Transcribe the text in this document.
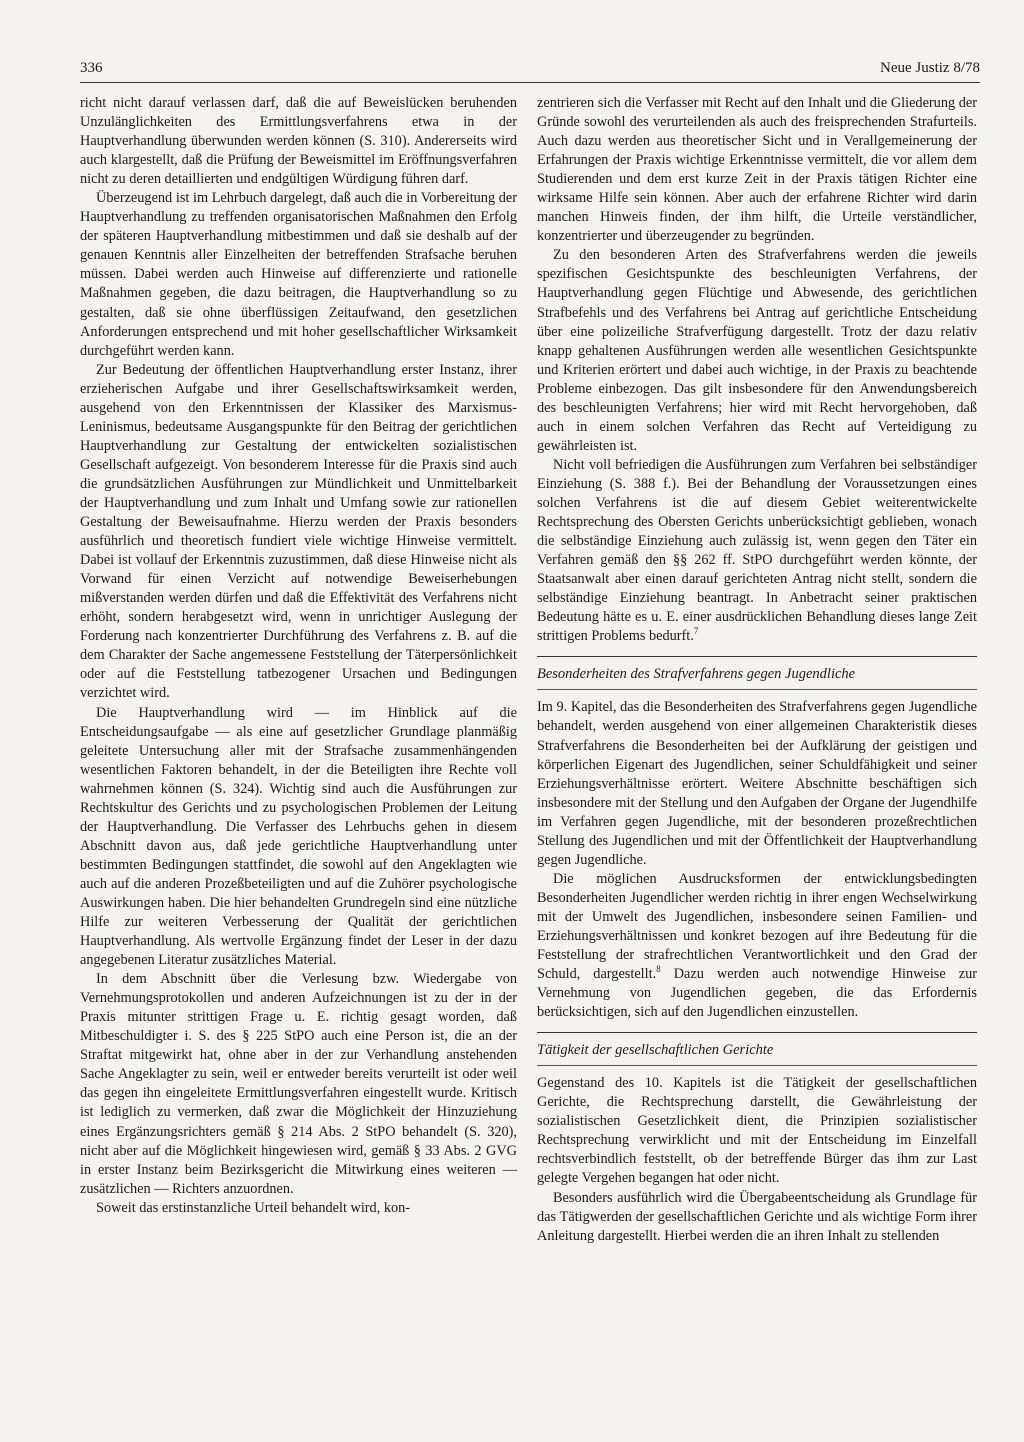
336	Neue Justiz 8/78

richt nicht darauf verlassen darf, daß die auf Beweislücken beruhenden Unzulänglichkeiten des Ermittlungsverfahrens etwa in der Hauptverhandlung überwunden werden können (S. 310). Andererseits wird auch klargestellt, daß die Prüfung der Beweismittel im Eröffnungsverfahren nicht zu deren detaillierten und endgültigen Würdigung führen darf.

Überzeugend ist im Lehrbuch dargelegt, daß auch die in Vorbereitung der Hauptverhandlung zu treffenden organisatorischen Maßnahmen den Erfolg der späteren Hauptverhandlung mitbestimmen und daß sie deshalb auf der genauen Kenntnis aller Einzelheiten der betreffenden Strafsache beruhen müssen. Dabei werden auch Hinweise auf differenzierte und rationelle Maßnahmen gegeben, die dazu beitragen, die Hauptverhandlung so zu gestalten, daß sie ohne überflüssigen Zeitaufwand, den gesetzlichen Anforderungen entsprechend und mit hoher gesellschaftlicher Wirksamkeit durchgeführt werden kann.

Zur Bedeutung der öffentlichen Hauptverhandlung erster Instanz, ihrer erzieherischen Aufgabe und ihrer Gesellschaftswirksamkeit werden, ausgehend von den Erkenntnissen der Klassiker des Marxismus-Leninismus, bedeutsame Ausgangspunkte für den Beitrag der gerichtlichen Hauptverhandlung zur Gestaltung der entwickelten sozialistischen Gesellschaft aufgezeigt. Von besonderem Interesse für die Praxis sind auch die grundsätzlichen Ausführungen zur Mündlichkeit und Unmittelbarkeit der Hauptverhandlung und zum Inhalt und Umfang sowie zur rationellen Gestaltung der Beweisaufnahme. Hierzu werden der Praxis besonders ausführlich und theoretisch fundiert viele wichtige Hinweise vermittelt. Dabei ist vollauf der Erkenntnis zuzustimmen, daß diese Hinweise nicht als Vorwand für einen Verzicht auf notwendige Beweiserhebungen mißverstanden werden dürfen und daß die Effektivität des Verfahrens nicht erhöht, sondern herabgesetzt wird, wenn in unrichtiger Auslegung der Forderung nach konzentrierter Durchführung des Verfahrens z. B. auf die dem Charakter der Sache angemessene Feststellung der Täterpersönlichkeit oder auf die Feststellung tatbezogener Ursachen und Bedingungen verzichtet wird.

Die Hauptverhandlung wird — im Hinblick auf die Entscheidungsaufgabe — als eine auf gesetzlicher Grundlage planmäßig geleitete Untersuchung aller mit der Strafsache zusammenhängenden wesentlichen Faktoren behandelt, in der die Beteiligten ihre Rechte voll wahrnehmen können (S. 324). Wichtig sind auch die Ausführungen zur Rechtskultur des Gerichts und zu psychologischen Problemen der Leitung der Hauptverhandlung. Die Verfasser des Lehrbuchs gehen in diesem Abschnitt davon aus, daß jede gerichtliche Hauptverhandlung unter bestimmten Bedingungen stattfindet, die sowohl auf den Angeklagten wie auch auf die anderen Prozeßbeteiligten und auf die Zuhörer psychologische Auswirkungen haben. Die hier behandelten Grundregeln sind eine nützliche Hilfe zur weiteren Verbesserung der Qualität der gerichtlichen Hauptverhandlung. Als wertvolle Ergänzung findet der Leser in der dazu angegebenen Literatur zusätzliches Material.

In dem Abschnitt über die Verlesung bzw. Wiedergabe von Vernehmungsprotokollen und anderen Aufzeichnungen ist zu der in der Praxis mitunter strittigen Frage u. E. richtig gesagt worden, daß Mitbeschuldigter i. S. des § 225 StPO auch eine Person ist, die an der Straftat mitgewirkt hat, ohne aber in der zur Verhandlung anstehenden Sache Angeklagter zu sein, weil er entweder bereits verurteilt ist oder weil das gegen ihn eingeleitete Ermittlungsverfahren eingestellt wurde. Kritisch ist lediglich zu vermerken, daß zwar die Möglichkeit der Hinzuziehung eines Ergänzungsrichters gemäß § 214 Abs. 2 StPO behandelt (S. 320), nicht aber auf die Möglichkeit hingewiesen wird, gemäß § 33 Abs. 2 GVG in erster Instanz beim Bezirksgericht die Mitwirkung eines weiteren — zusätzlichen — Richters anzuordnen.

Soweit das erstinstanzliche Urteil behandelt wird, kon-

zentrieren sich die Verfasser mit Recht auf den Inhalt und die Gliederung der Gründe sowohl des verurteilenden als auch des freisprechenden Strafurteils. Auch dazu werden aus theoretischer Sicht und in Verallgemeinerung der Erfahrungen der Praxis wichtige Erkenntnisse vermittelt, die vor allem dem Studierenden und dem erst kurze Zeit in der Praxis tätigen Richter eine wirksame Hilfe sein können. Aber auch der erfahrene Richter wird darin manchen Hinweis finden, der ihm hilft, die Urteile verständlicher, konzentrierter und überzeugender zu begründen.

Zu den besonderen Arten des Strafverfahrens werden die jeweils spezifischen Gesichtspunkte des beschleunigten Verfahrens, der Hauptverhandlung gegen Flüchtige und Abwesende, des gerichtlichen Strafbefehls und des Verfahrens bei Antrag auf gerichtliche Entscheidung über eine polizeiliche Strafverfügung dargestellt. Trotz der dazu relativ knapp gehaltenen Ausführungen werden alle wesentlichen Gesichtspunkte und Kriterien erörtert und dabei auch wichtige, in der Praxis zu beachtende Probleme einbezogen. Das gilt insbesondere für den Anwendungsbereich des beschleunigten Verfahrens; hier wird mit Recht hervorgehoben, daß auch in einem solchen Verfahren das Recht auf Verteidigung zu gewährleisten ist.

Nicht voll befriedigen die Ausführungen zum Verfahren bei selbständiger Einziehung (S. 388 f.). Bei der Behandlung der Voraussetzungen eines solchen Verfahrens ist die auf diesem Gebiet weiterentwickelte Rechtsprechung des Obersten Gerichts unberücksichtigt geblieben, wonach die selbständige Einziehung auch zulässig ist, wenn gegen den Täter ein Verfahren gemäß den §§ 262 ff. StPO durchgeführt werden könnte, der Staatsanwalt aber einen darauf gerichteten Antrag nicht stellt, sondern die selbständige Einziehung beantragt. In Anbetracht seiner praktischen Bedeutung hätte es u. E. einer ausdrücklichen Behandlung dieses lange Zeit strittigen Problems bedurft.$^7$

Besonderheiten des Strafverfahrens gegen Jugendliche

Im 9. Kapitel, das die Besonderheiten des Strafverfahrens gegen Jugendliche behandelt, werden ausgehend von einer allgemeinen Charakteristik dieses Strafverfahrens die Besonderheiten bei der Aufklärung der geistigen und körperlichen Eigenart des Jugendlichen, seiner Schuldfähigkeit und seiner Erziehungsverhältnisse erörtert. Weitere Abschnitte beschäftigen sich insbesondere mit der Stellung und den Aufgaben der Organe der Jugendhilfe im Verfahren gegen Jugendliche, mit der besonderen prozeßrechtlichen Stellung des Jugendlichen und mit der Öffentlichkeit der Hauptverhandlung gegen Jugendliche.

Die möglichen Ausdrucksformen der entwicklungsbedingten Besonderheiten Jugendlicher werden richtig in ihrer engen Wechselwirkung mit der Umwelt des Jugendlichen, insbesondere seinen Familien- und Erziehungsverhältnissen und konkret bezogen auf ihre Bedeutung für die Feststellung der strafrechtlichen Verantwortlichkeit und den Grad der Schuld, dargestellt.$^8$ Dazu werden auch notwendige Hinweise zur Vernehmung von Jugendlichen gegeben, die das Erfordernis berücksichtigen, sich auf den Jugendlichen einzustellen.

Tätigkeit der gesellschaftlichen Gerichte

Gegenstand des 10. Kapitels ist die Tätigkeit der gesellschaftlichen Gerichte, die Rechtsprechung darstellt, die Gewährleistung der sozialistischen Gesetzlichkeit dient, die Prinzipien sozialistischer Rechtsprechung verwirklicht und mit der Entscheidung im Einzelfall rechtsverbindlich feststellt, ob der betreffende Bürger das ihm zur Last gelegte Vergehen begangen hat oder nicht.

Besonders ausführlich wird die Übergabeentscheidung als Grundlage für das Tätigwerden der gesellschaftlichen Gerichte und als wichtige Form ihrer Anleitung dargestellt. Hierbei werden die an ihren Inhalt zu stellenden
